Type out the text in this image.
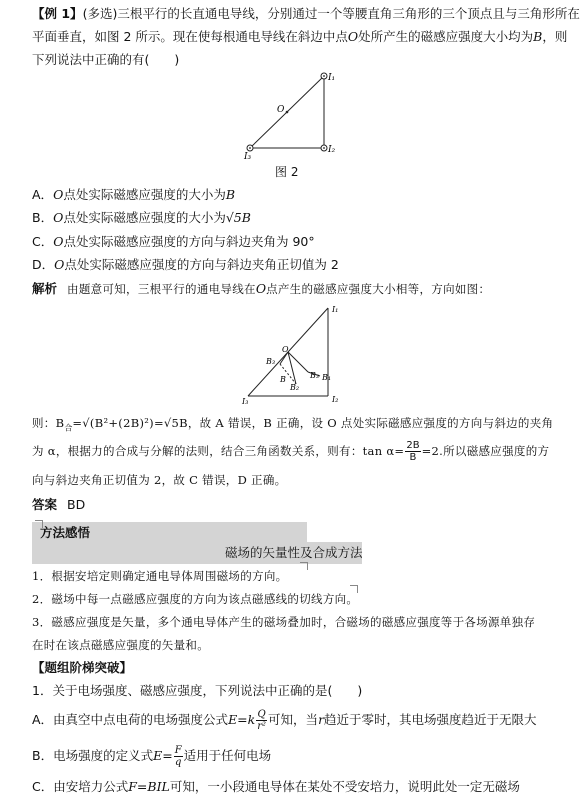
【例 1】(多选)三根平行的长直通电导线，分别通过一个等腰直角三角形的三个顶点且与三角形所在
平面垂直，如图 2 所示。现在使每根通电导线在斜边中点O处所产生的磁感应强度大小均为B，则
下列说法中正确的有(　　)
I₁
I₂
I₃
O
图 2
A．O点处实际磁感应强度的大小为B
B．O点处实际磁感应强度的大小为√5B
C．O点处实际磁感应强度的方向与斜边夹角为 90°
D．O点处实际磁感应强度的方向与斜边夹角正切值为 2
解析 由题意可知，三根平行的通电导线在O点产生的磁感应强度大小相等，方向如图：
I₁
I₂
I₃
O
B₃
B₃ B₁
B₂
B
则：$B_合=√(B^2+(2B)^2)=√5B$，故 A 错误，B 正确，设 O 点处实际磁感应强度的方向与斜边的夹角
为 α，根据力的合成与分解的法则，结合三角函数关系，则有：$\tan \alpha= \frac{2B}{B} =2$.所以磁感应强度的方
向与斜边夹角正切值为 2，故 C 错误，D 正确。
答案 BD
方法感悟
磁场的矢量性及合成方法
1．根据安培定则确定通电导体周围磁场的方向。
2．磁场中每一点磁感应强度的方向为该点磁感线的切线方向。
3．磁感应强度是矢量，多个通电导体产生的磁场叠加时，合磁场的磁感应强度等于各场源单独存
在时在该点磁感应强度的矢量和。
【题组阶梯突破】
1．关于电场强度、磁感应强度，下列说法中正确的是(　　)
A．由真空中点电荷的电场强度公式$E=k \frac{Q}{\text{r²}}$ 可知，当r趋近于零时，其电场强度趋近于无限大
B．电场强度的定义式$E= \frac{F}{q}$ 适用于任何电场
C．由安培力公式F=BIL可知，一小段通电导体在某处不受安培力，说明此处一定无磁场
